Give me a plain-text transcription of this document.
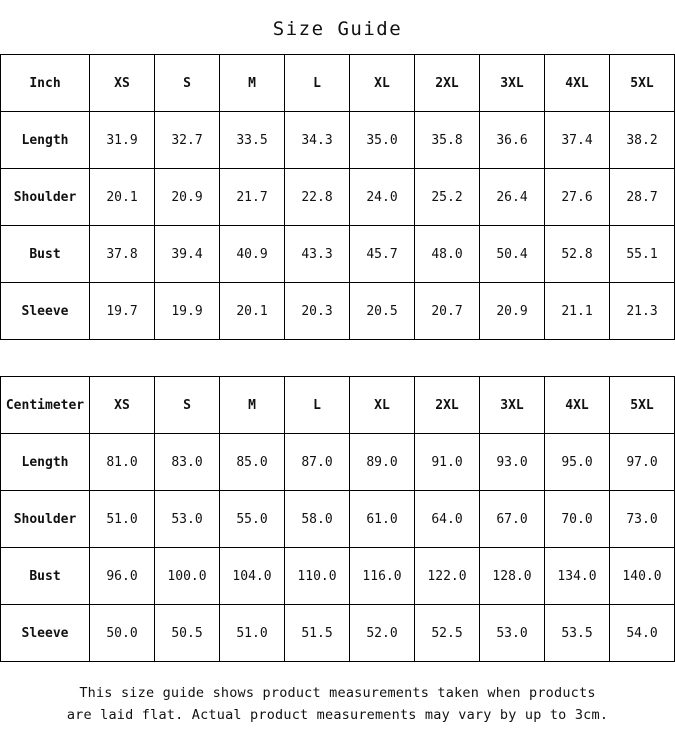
Size Guide
Inch	XS	S	M	L	XL	2XL	3XL	4XL	5XL
Length	31.9	32.7	33.5	34.3	35.0	35.8	36.6	37.4	38.2
Shoulder	20.1	20.9	21.7	22.8	24.0	25.2	26.4	27.6	28.7
Bust	37.8	39.4	40.9	43.3	45.7	48.0	50.4	52.8	55.1
Sleeve	19.7	19.9	20.1	20.3	20.5	20.7	20.9	21.1	21.3
Centimeter	XS	S	M	L	XL	2XL	3XL	4XL	5XL
Length	81.0	83.0	85.0	87.0	89.0	91.0	93.0	95.0	97.0
Shoulder	51.0	53.0	55.0	58.0	61.0	64.0	67.0	70.0	73.0
Bust	96.0	100.0	104.0	110.0	116.0	122.0	128.0	134.0	140.0
Sleeve	50.0	50.5	51.0	51.5	52.0	52.5	53.0	53.5	54.0
This size guide shows product measurements taken when products
are laid flat. Actual product measurements may vary by up to 3cm.
